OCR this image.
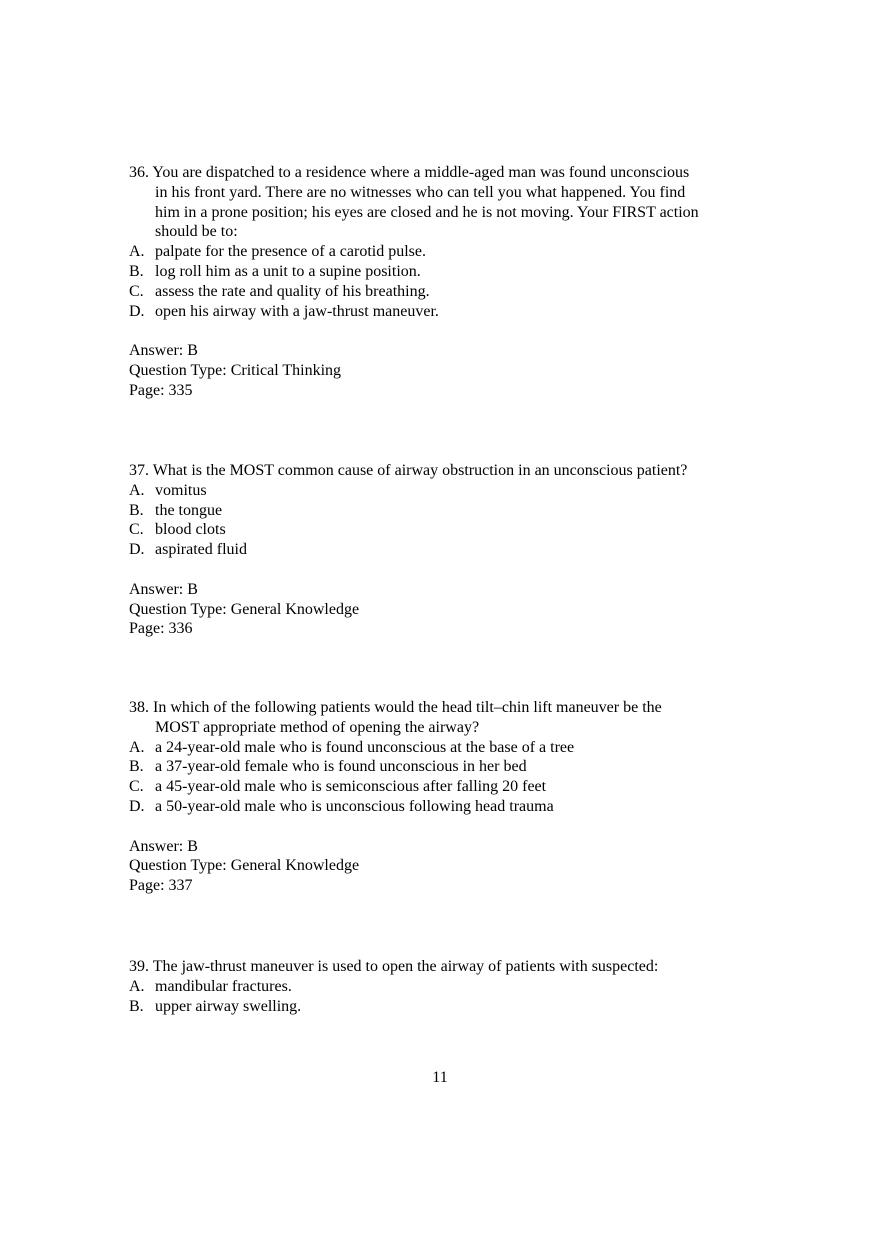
36. You are dispatched to a residence where a middle-aged man was found unconscious
in his front yard. There are no witnesses who can tell you what happened. You find
him in a prone position; his eyes are closed and he is not moving. Your FIRST action
should be to:
A. palpate for the presence of a carotid pulse.
B. log roll him as a unit to a supine position.
C. assess the rate and quality of his breathing.
D. open his airway with a jaw-thrust maneuver.
Answer: B
Question Type: Critical Thinking
Page: 335
37. What is the MOST common cause of airway obstruction in an unconscious patient?
A. vomitus
B. the tongue
C. blood clots
D. aspirated fluid
Answer: B
Question Type: General Knowledge
Page: 336
38. In which of the following patients would the head tilt–chin lift maneuver be the
MOST appropriate method of opening the airway?
A. a 24-year-old male who is found unconscious at the base of a tree
B. a 37-year-old female who is found unconscious in her bed
C. a 45-year-old male who is semiconscious after falling 20 feet
D. a 50-year-old male who is unconscious following head trauma
Answer: B
Question Type: General Knowledge
Page: 337
39. The jaw-thrust maneuver is used to open the airway of patients with suspected:
A. mandibular fractures.
B. upper airway swelling.
11
